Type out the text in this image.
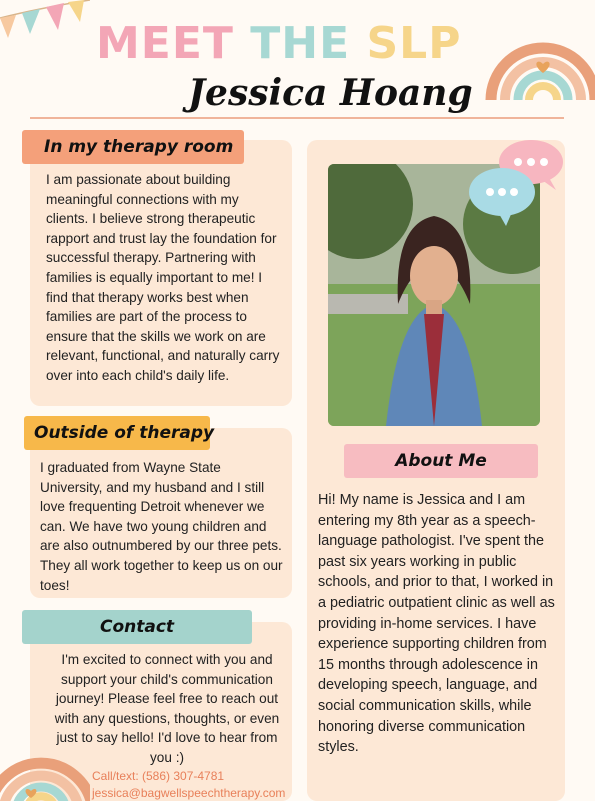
MEET THE SLP
Jessica Hoang
In my therapy room
I am passionate about building meaningful connections with my clients. I believe strong therapeutic rapport and trust lay the foundation for successful therapy. Partnering with families is equally important to me! I find that therapy works best when families are part of the process to ensure that the skills we work on are relevant, functional, and naturally carry over into each child's daily life.
Outside of therapy
I graduated from Wayne State University, and my husband and I still love frequenting Detroit whenever we can. We have two young children and are also outnumbered by our three pets. They all work together to keep us on our toes!
Contact
I'm excited to connect with you and support your child's communication journey! Please feel free to reach out with any questions, thoughts, or even just to say hello! I'd love to hear from you :)
Call/text: (586) 307-4781
jessica@bagwellspeechtherapy.com
About Me
Hi! My name is Jessica and I am entering my 8th year as a speech-language pathologist. I've spent the past six years working in public schools, and prior to that, I worked in a pediatric outpatient clinic as well as providing in-home services. I have experience supporting children from 15 months through adolescence in developing speech, language, and social communication skills, while honoring diverse communication styles.
